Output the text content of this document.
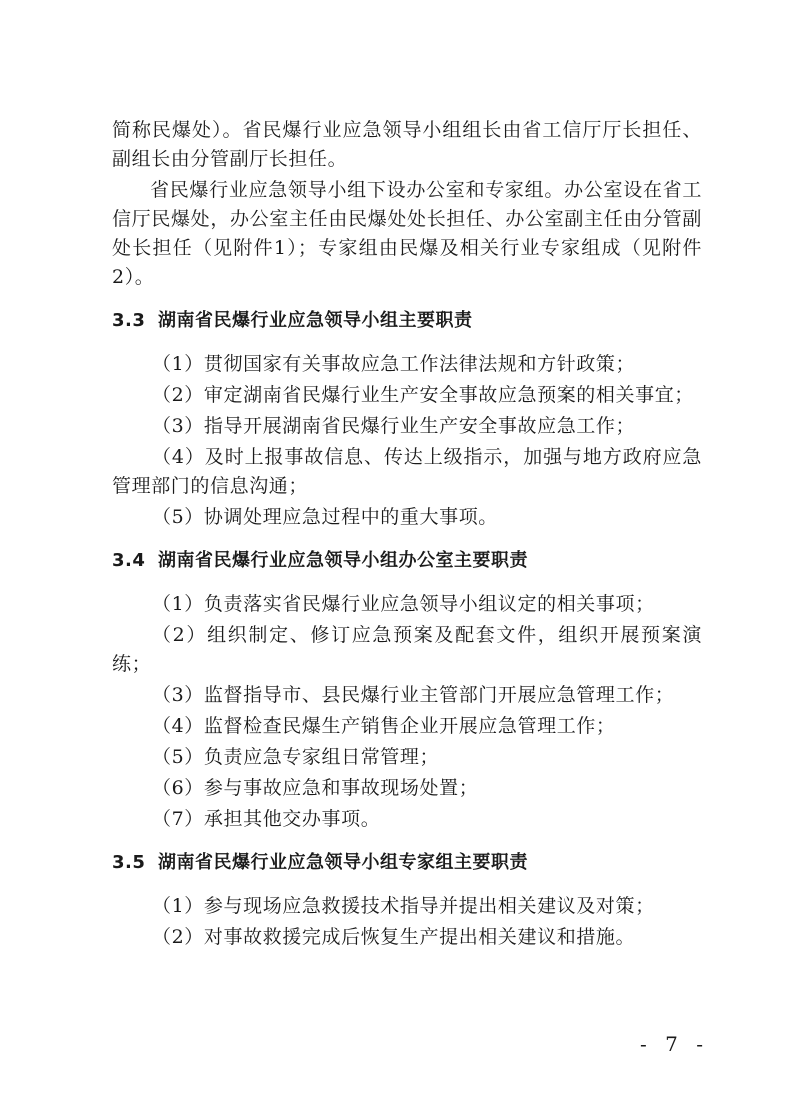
简称民爆处）。省民爆行业应急领导小组组长由省工信厅厅长担任、副组长由分管副厅长担任。

省民爆行业应急领导小组下设办公室和专家组。办公室设在省工信厅民爆处，办公室主任由民爆处处长担任、办公室副主任由分管副处长担任（见附件1）；专家组由民爆及相关行业专家组成（见附件2）。

3.3 湖南省民爆行业应急领导小组主要职责

（1）贯彻国家有关事故应急工作法律法规和方针政策；

（2）审定湖南省民爆行业生产安全事故应急预案的相关事宜；

（3）指导开展湖南省民爆行业生产安全事故应急工作；

（4）及时上报事故信息、传达上级指示，加强与地方政府应急管理部门的信息沟通；

（5）协调处理应急过程中的重大事项。

3.4 湖南省民爆行业应急领导小组办公室主要职责

（1）负责落实省民爆行业应急领导小组议定的相关事项；

（2）组织制定、修订应急预案及配套文件，组织开展预案演练；

（3）监督指导市、县民爆行业主管部门开展应急管理工作；

（4）监督检查民爆生产销售企业开展应急管理工作；

（5）负责应急专家组日常管理；

（6）参与事故应急和事故现场处置；

（7）承担其他交办事项。

3.5 湖南省民爆行业应急领导小组专家组主要职责

（1）参与现场应急救援技术指导并提出相关建议及对策；

（2）对事故救援完成后恢复生产提出相关建议和措施。

- 7 -
